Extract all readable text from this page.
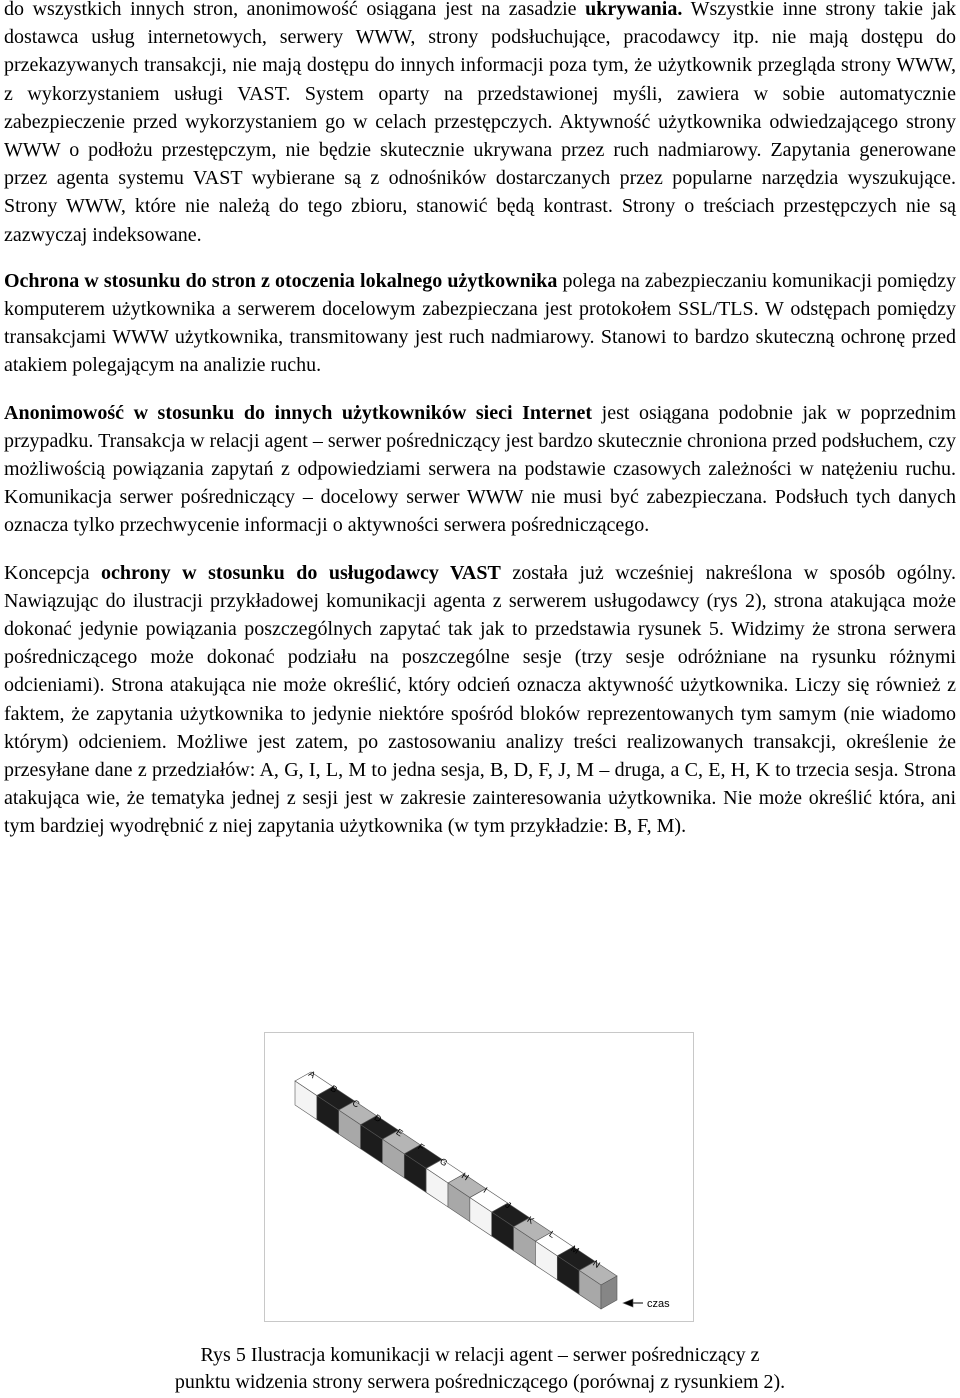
do wszystkich innych stron, anonimowość osiągana jest na zasadzie ukrywania. Wszystkie inne strony takie jak dostawca usług internetowych, serwery WWW, strony podsłuchujące, pracodawcy itp. nie mają dostępu do przekazywanych transakcji, nie mają dostępu do innych informacji poza tym, że użytkownik przegląda strony WWW, z wykorzystaniem usługi VAST. System oparty na przedstawionej myśli, zawiera w sobie automatycznie zabezpieczenie przed wykorzystaniem go w celach przestępczych. Aktywność użytkownika odwiedzającego strony WWW o podłożu przestępczym, nie będzie skutecznie ukrywana przez ruch nadmiarowy. Zapytania generowane przez agenta systemu VAST wybierane są z odnośników dostarczanych przez popularne narzędzia wyszukujące. Strony WWW, które nie należą do tego zbioru, stanowić będą kontrast. Strony o treściach przestępczych nie są zazwyczaj indeksowane.

Ochrona w stosunku do stron z otoczenia lokalnego użytkownika polega na zabezpieczaniu komunikacji pomiędzy komputerem użytkownika a serwerem docelowym zabezpieczana jest protokołem SSL/TLS. W odstępach pomiędzy transakcjami WWW użytkownika, transmitowany jest ruch nadmiarowy. Stanowi to bardzo skuteczną ochronę przed atakiem polegającym na analizie ruchu.

Anonimowość w stosunku do innych użytkowników sieci Internet jest osiągana podobnie jak w poprzednim przypadku. Transakcja w relacji agent – serwer pośredniczący jest bardzo skutecznie chroniona przed podsłuchem, czy możliwością powiązania zapytań z odpowiedziami serwera na podstawie czasowych zależności w natężeniu ruchu. Komunikacja serwer pośredniczący – docelowy serwer WWW nie musi być zabezpieczana. Podsłuch tych danych oznacza tylko przechwycenie informacji o aktywności serwera pośredniczącego.

Koncepcja ochrony w stosunku do usługodawcy VAST została już wcześniej nakreślona w sposób ogólny. Nawiązując do ilustracji przykładowej komunikacji agenta z serwerem usługodawcy (rys 2), strona atakująca może dokonać jedynie powiązania poszczególnych zapytać tak jak to przedstawia rysunek 5. Widzimy że strona serwera pośredniczącego może dokonać podziału na poszczególne sesje (trzy sesje odróżniane na rysunku różnymi odcieniami). Strona atakująca nie może określić, który odcień oznacza aktywność użytkownika. Liczy się również z faktem, że zapytania użytkownika to jedynie niektóre spośród bloków reprezentowanych tym samym (nie wiadomo którym) odcieniem. Możliwe jest zatem, po zastosowaniu analizy treści realizowanych transakcji, określenie że przesyłane dane z przedziałów: A, G, I, L, M to jedna sesja, B, D, F, J, M – druga, a C, E, H, K to trzecia sesja. Strona atakująca wie, że tematyka jednej z sesji jest w zakresie zainteresowania użytkownika. Nie może określić która, ani tym bardziej wyodrębnić z niej zapytania użytkownika (w tym przykładzie: B, F, M).

A
B
C
D
E
F
G
H
I
J
K
L
M
N
czas
Rys 5 Ilustracja komunikacji w relacji agent – serwer pośredniczący z
punktu widzenia strony serwera pośredniczącego (porównaj z rysunkiem 2).
